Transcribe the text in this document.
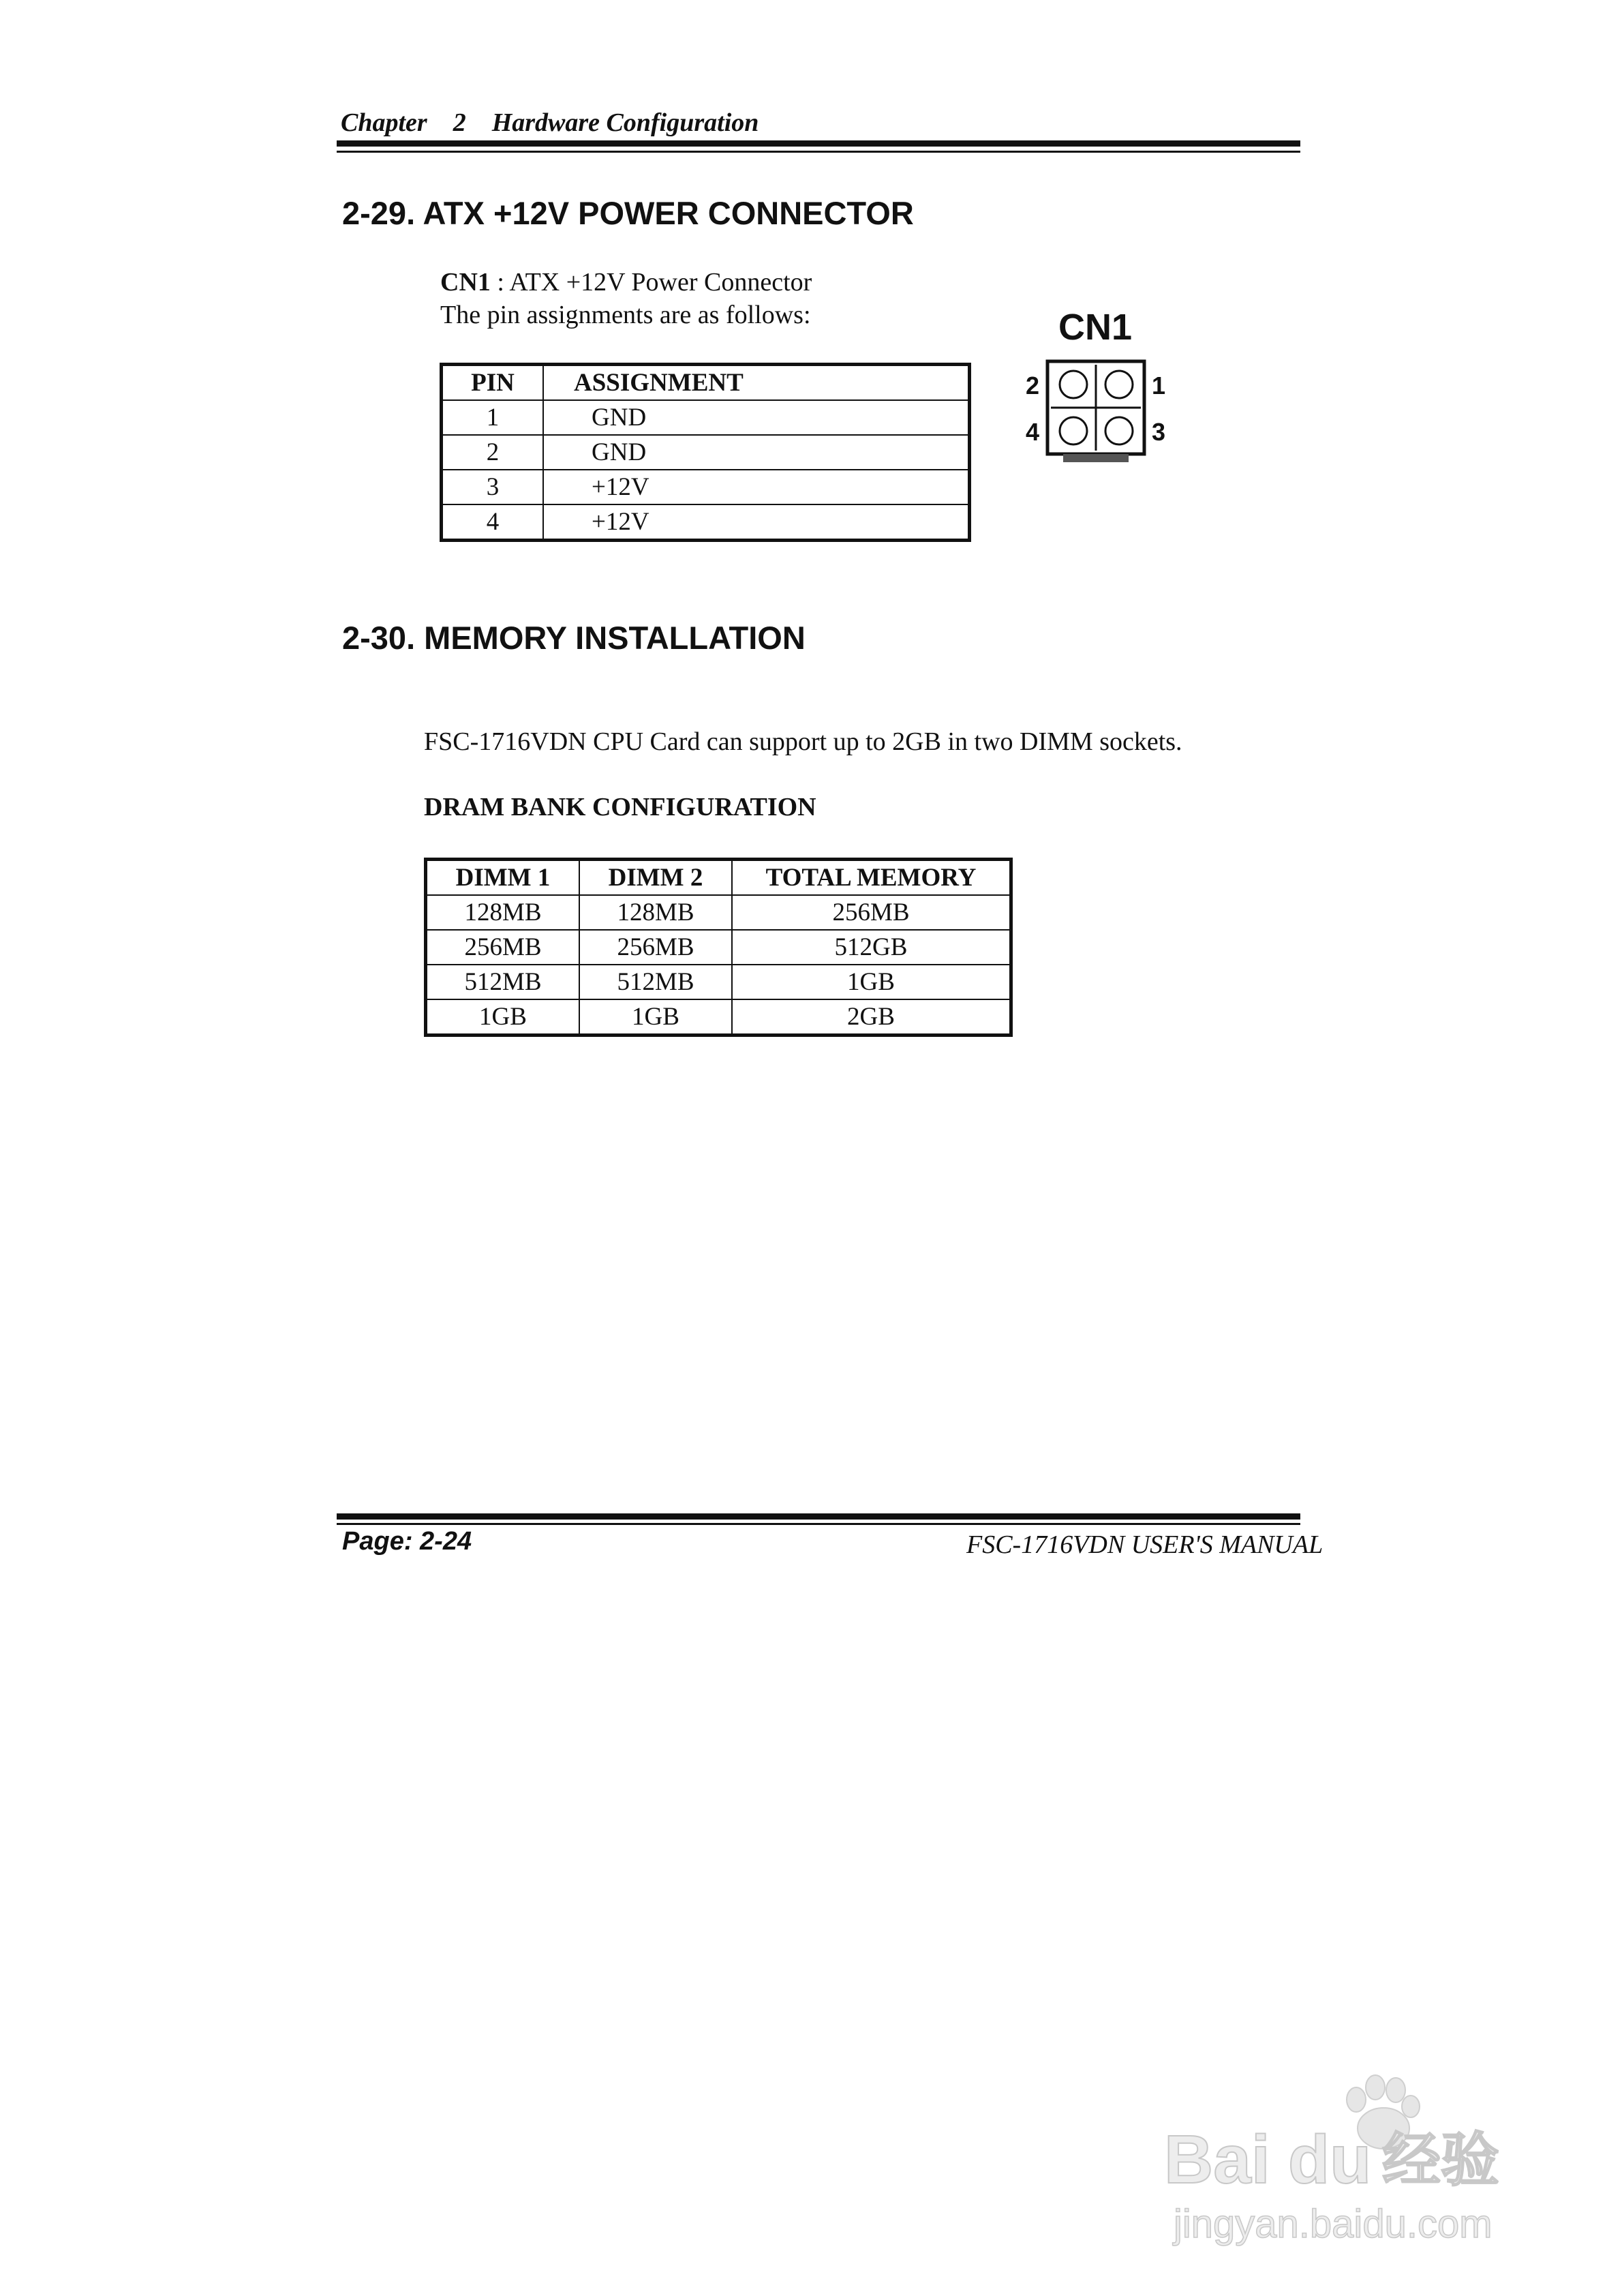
Chapter    2    Hardware Configuration
2-29. ATX +12V POWER CONNECTOR
CN1 : ATX +12V Power Connector
The pin assignments are as follows:
PIN	ASSIGNMENT
1	GND
2	GND
3	+12V
4	+12V
CN1
2	1
4	3
2-30. MEMORY INSTALLATION
FSC-1716VDN CPU Card can support up to 2GB in two DIMM sockets.
DRAM BANK CONFIGURATION
DIMM 1	DIMM 2	TOTAL MEMORY
128MB	128MB	256MB
256MB	256MB	512GB
512MB	512MB	1GB
1GB	1GB	2GB
Page: 2-24	FSC-1716VDN USER'S MANUAL
Bai du 经验
jingyan.baidu.com
